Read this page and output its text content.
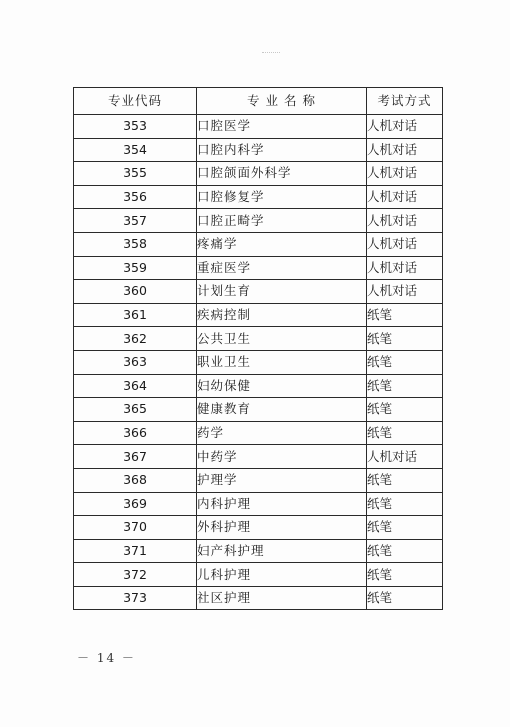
专业代码	专 业 名 称	考试方式
353	口腔医学	人机对话
354	口腔内科学	人机对话
355	口腔颌面外科学	人机对话
356	口腔修复学	人机对话
357	口腔正畸学	人机对话
358	疼痛学	人机对话
359	重症医学	人机对话
360	计划生育	人机对话
361	疾病控制	纸笔
362	公共卫生	纸笔
363	职业卫生	纸笔
364	妇幼保健	纸笔
365	健康教育	纸笔
366	药学	纸笔
367	中药学	人机对话
368	护理学	纸笔
369	内科护理	纸笔
370	外科护理	纸笔
371	妇产科护理	纸笔
372	儿科护理	纸笔
373	社区护理	纸笔
－ 14 －
